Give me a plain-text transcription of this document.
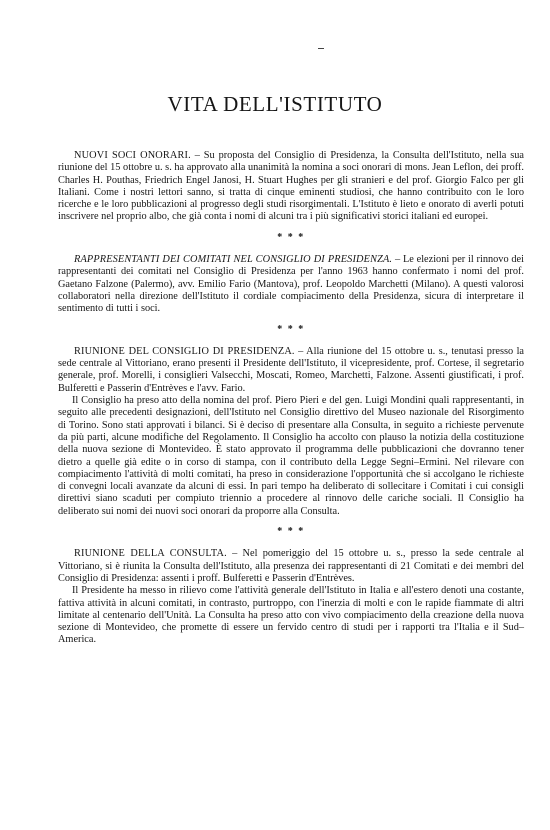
VITA DELL'ISTITUTO

NUOVI SOCI ONORARI. – Su proposta del Consiglio di Presidenza, la Consulta dell'Istituto, nella sua riunione del 15 ottobre u. s. ha approvato alla unanimità la nomina a soci onorari di mons. Jean Leflon, dei proff. Charles H. Pouthas, Friedrich Engel Janosi, H. Stuart Hughes per gli stranieri e del prof. Giorgio Falco per gli Italiani. Come i nostri lettori sanno, si tratta di cinque eminenti studiosi, che hanno contribuito con le loro ricerche e le loro pubblicazioni al progresso degli studi risorgimentali. L'Istituto è lieto e onorato di averli potuti inscrivere nel proprio albo, che già conta i nomi di alcuni tra i più significativi storici italiani ed europei.

* * *

RAPPRESENTANTI DEI COMITATI NEL CONSIGLIO DI PRESIDENZA. – Le elezioni per il rinnovo dei rappresentanti dei comitati nel Consiglio di Presidenza per l'anno 1963 hanno confermato i nomi del prof. Gaetano Falzone (Palermo), avv. Emilio Fario (Mantova), prof. Leopoldo Marchetti (Milano). A questi valorosi collaboratori nella direzione dell'Istituto il cordiale compiacimento della Presidenza, sicura di interpretare il sentimento di tutti i soci.

* * *

RIUNIONE DEL CONSIGLIO DI PRESIDENZA. – Alla riunione del 15 ottobre u. s., tenutasi presso la sede centrale al Vittoriano, erano presenti il Presidente dell'Istituto, il vicepresidente, prof. Cortese, il segretario generale, prof. Morelli, i consiglieri Valsecchi, Moscati, Romeo, Marchetti, Falzone. Assenti giustificati, i prof. Bulferetti e Passerin d'Entrèves e l'avv. Fario.

Il Consiglio ha preso atto della nomina del prof. Piero Pieri e del gen. Luigi Mondini quali rappresentanti, in seguito alle precedenti designazioni, dell'Istituto nel Consiglio direttivo del Museo nazionale del Risorgimento di Torino. Sono stati approvati i bilanci. Si è deciso di presentare alla Consulta, in seguito a richieste pervenute da più parti, alcune modifiche del Regolamento. Il Consiglio ha accolto con plauso la notizia della costituzione della nuova sezione di Montevideo. È stato approvato il programma delle pubblicazioni che dovranno tener dietro a quelle già edite o in corso di stampa, con il contributo della Legge Segni–Ermini. Nel rilevare con compiacimento l'attività di molti comitati, ha preso in considerazione l'opportunità che si accolgano le richieste di convegni locali avanzate da alcuni di essi. In pari tempo ha deliberato di sollecitare i Comitati i cui consigli direttivi siano scaduti per compiuto triennio a procedere al rinnovo delle cariche sociali. Il Consiglio ha deliberato sui nomi dei nuovi soci onorari da proporre alla Consulta.

* * *

RIUNIONE DELLA CONSULTA. – Nel pomeriggio del 15 ottobre u. s., presso la sede centrale al Vittoriano, si è riunita la Consulta dell'Istituto, alla presenza dei rappresentanti di 21 Comitati e dei membri del Consiglio di Presidenza: assenti i proff. Bulferetti e Passerin d'Entrèves.

Il Presidente ha messo in rilievo come l'attività generale dell'Istituto in Italia e all'estero denoti una costante, fattiva attività in alcuni comitati, in contrasto, purtroppo, con l'inerzia di molti e con le rapide fiammate di altri limitate al centenario dell'Unità. La Consulta ha preso atto con vivo compiacimento della creazione della nuova sezione di Montevideo, che promette di essere un fervido centro di studi per i rapporti tra l'Italia e il Sud–America.
